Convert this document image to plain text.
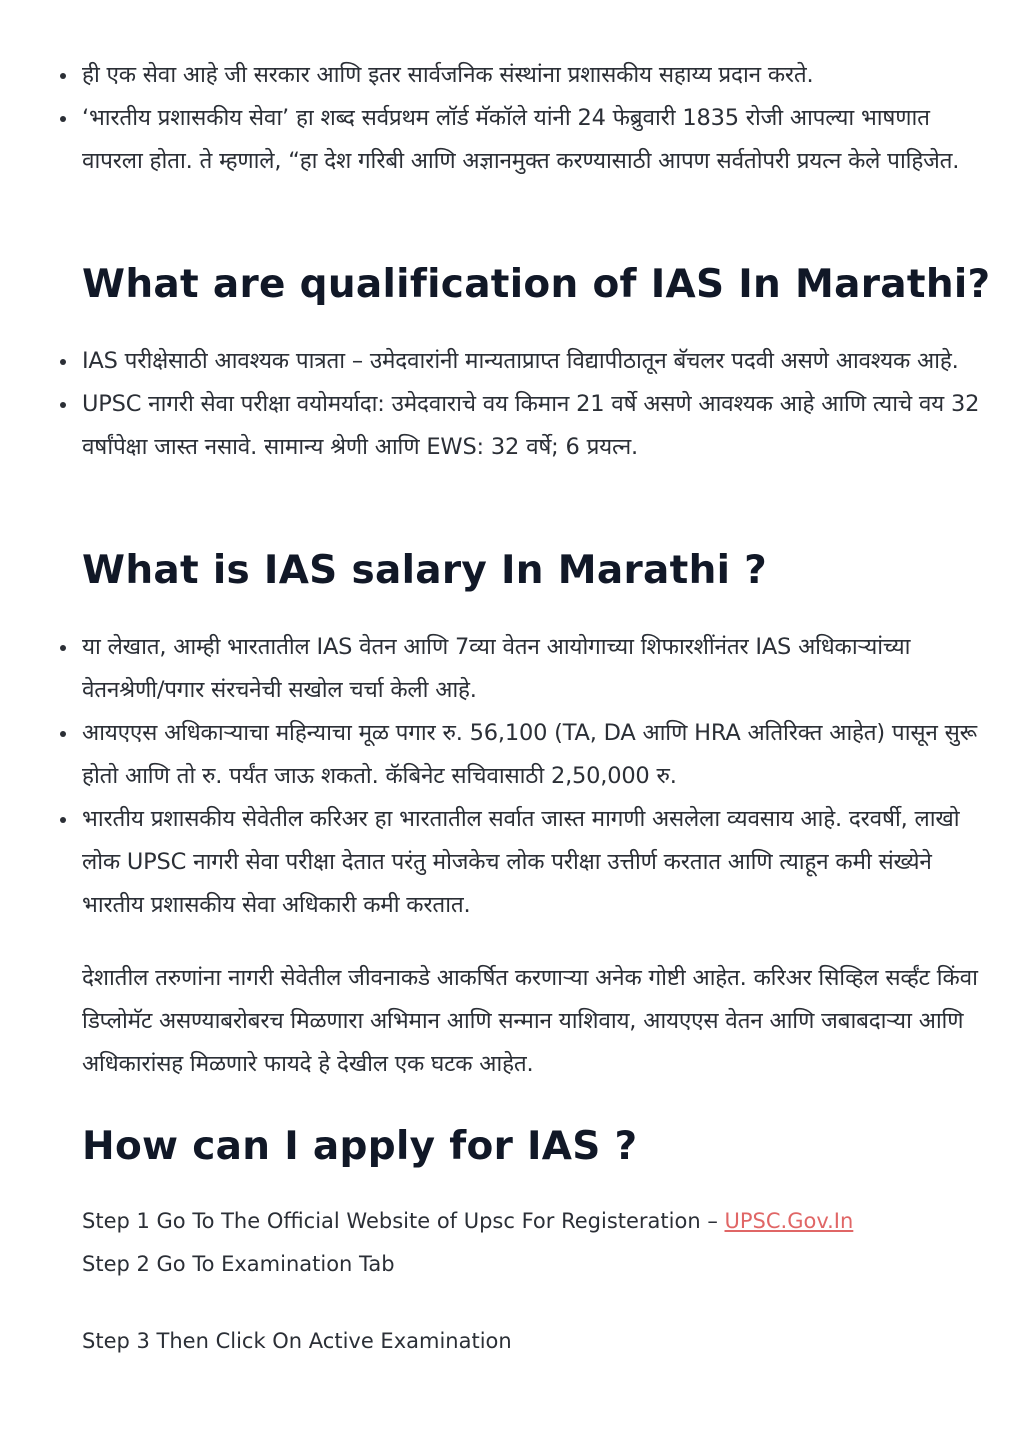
ही एक सेवा आहे जी सरकार आणि इतर सार्वजनिक संस्थांना प्रशासकीय सहाय्य प्रदान करते.
‘भारतीय प्रशासकीय सेवा’ हा शब्द सर्वप्रथम लॉर्ड मॅकॉले यांनी 24 फेब्रुवारी 1835 रोजी आपल्या भाषणात वापरला होता. ते म्हणाले, “हा देश गरिबी आणि अज्ञानमुक्त करण्यासाठी आपण सर्वतोपरी प्रयत्न केले पाहिजेत.
What are qualification of IAS In Marathi?
IAS परीक्षेसाठी आवश्यक पात्रता – उमेदवारांनी मान्यताप्राप्त विद्यापीठातून बॅचलर पदवी असणे आवश्यक आहे.
UPSC नागरी सेवा परीक्षा वयोमर्यादा: उमेदवाराचे वय किमान 21 वर्षे असणे आवश्यक आहे आणि त्याचे वय 32 वर्षांपेक्षा जास्त नसावे. सामान्य श्रेणी आणि EWS: 32 वर्षे; 6 प्रयत्न.
What is IAS salary In Marathi ?
या लेखात, आम्ही भारतातील IAS वेतन आणि 7व्या वेतन आयोगाच्या शिफारशींनंतर IAS अधिकाऱ्यांच्या वेतनश्रेणी/पगार संरचनेची सखोल चर्चा केली आहे.
आयएएस अधिकाऱ्याचा महिन्याचा मूळ पगार रु. 56,100 (TA, DA आणि HRA अतिरिक्त आहेत) पासून सुरू होतो आणि तो रु. पर्यंत जाऊ शकतो. कॅबिनेट सचिवासाठी 2,50,000 रु.
भारतीय प्रशासकीय सेवेतील करिअर हा भारतातील सर्वात जास्त मागणी असलेला व्यवसाय आहे. दरवर्षी, लाखो लोक UPSC नागरी सेवा परीक्षा देतात परंतु मोजकेच लोक परीक्षा उत्तीर्ण करतात आणि त्याहून कमी संख्येने भारतीय प्रशासकीय सेवा अधिकारी कमी करतात.

देशातील तरुणांना नागरी सेवेतील जीवनाकडे आकर्षित करणाऱ्या अनेक गोष्टी आहेत. करिअर सिव्हिल सर्व्हंट किंवा डिप्लोमॅट असण्याबरोबरच मिळणारा अभिमान आणि सन्मान याशिवाय, आयएएस वेतन आणि जबाबदाऱ्या आणि अधिकारांसह मिळणारे फायदे हे देखील एक घटक आहेत.

How can I apply for IAS ?
Step 1 Go To The Official Website of Upsc For Registeration – UPSC.Gov.In
Step 2 Go To Examination Tab
Step 3 Then Click On Active Examination
